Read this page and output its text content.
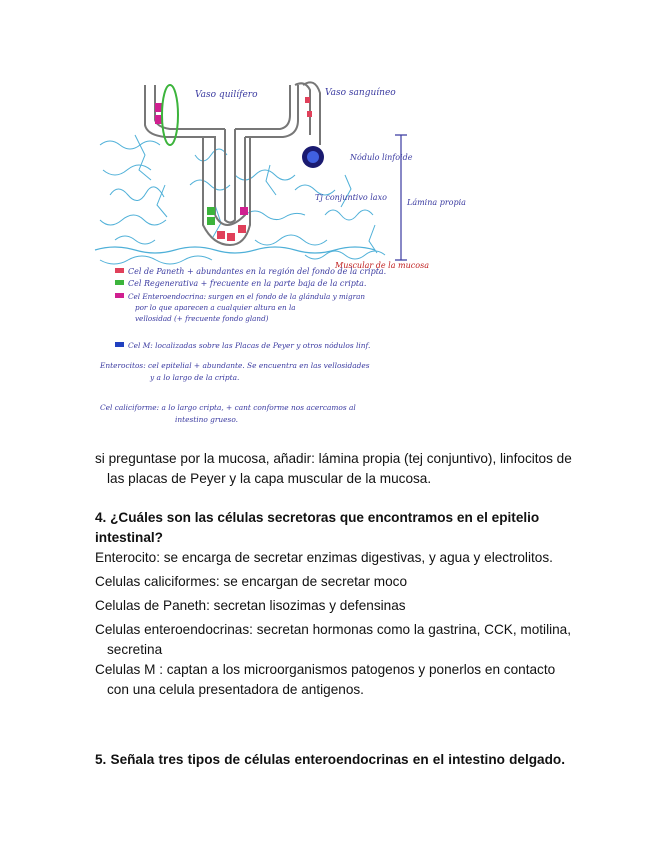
Vaso quilífero	Vaso sanguíneo
Nódulo linfoide
Tj conjuntivo laxo
Lámina propia
Muscular de la mucosa
Cel de Paneth + abundantes en la región del fondo de la cripta.
Cel Regenerativa + frecuente en la parte baja de la cripta.
Cel Enteroendocrina: surgen en el fondo de la glándula y migran por lo que aparecen a cualquier altura en la vellosidad (+ frecuente fondo gland)
Cel M: localizadas sobre las Placas de Peyer y otros nódulos linf.
Enterocitos: cel epitelial + abundante. Se encuentra en las vellosidades y a lo largo de la cripta.
Cel caliciforme: a lo largo cripta, + cant conforme nos acercamos al intestino grueso.

si preguntase por la mucosa, añadir: lámina propia (tej conjuntivo), linfocitos de las placas de Peyer y la capa muscular de la mucosa.

4. ¿Cuáles son las células secretoras que encontramos en el epitelio intestinal?

Enterocito: se encarga de secretar enzimas digestivas, y agua y electrolitos.

Celulas caliciformes: se encargan de secretar moco

Celulas de Paneth: secretan lisozimas y defensinas

Celulas enteroendocrinas: secretan hormonas como la gastrina, CCK, motilina, secretina

Celulas M : captan a los microorganismos patogenos y ponerlos en contacto con una celula presentadora de antigenos.

5. Señala tres tipos de células enteroendocrinas en el intestino delgado.
